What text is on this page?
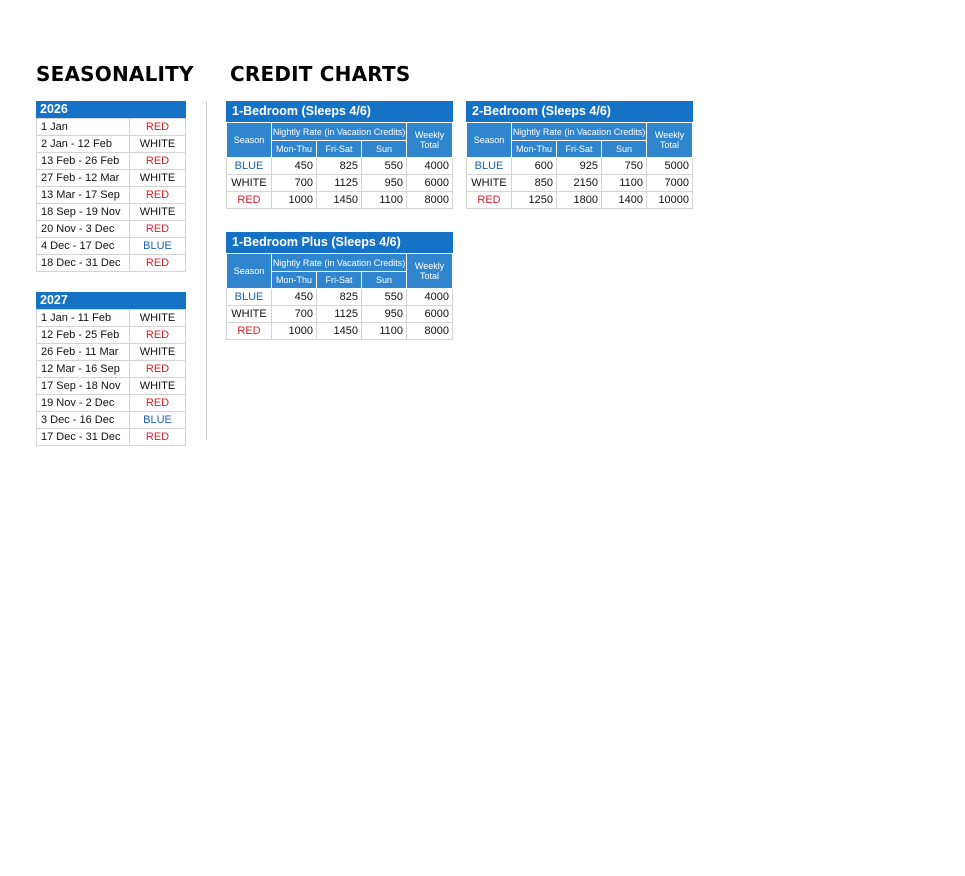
SEASONALITY CREDIT CHARTS
2026
1 Jan	RED
2 Jan - 12 Feb	WHITE
13 Feb - 26 Feb	RED
27 Feb - 12 Mar	WHITE
13 Mar - 17 Sep	RED
18 Sep - 19 Nov	WHITE
20 Nov - 3 Dec	RED
4 Dec - 17 Dec	BLUE
18 Dec - 31 Dec	RED
2027
1 Jan - 11 Feb	WHITE
12 Feb - 25 Feb	RED
26 Feb - 11 Mar	WHITE
12 Mar - 16 Sep	RED
17 Sep - 18 Nov	WHITE
19 Nov - 2 Dec	RED
3 Dec - 16 Dec	BLUE
17 Dec - 31 Dec	RED
1-Bedroom (Sleeps 4/6)
Season	Nightly Rate (in Vacation Credits)			Weekly Total
	Mon-Thu	Fri-Sat	Sun	
BLUE	450	825	550	4000
WHITE	700	1125	950	6000
RED	1000	1450	1100	8000
2-Bedroom (Sleeps 4/6)
Season	Nightly Rate (in Vacation Credits)			Weekly Total
	Mon-Thu	Fri-Sat	Sun	
BLUE	600	925	750	5000
WHITE	850	2150	1100	7000
RED	1250	1800	1400	10000
1-Bedroom Plus (Sleeps 4/6)
Season	Nightly Rate (in Vacation Credits)			Weekly Total
	Mon-Thu	Fri-Sat	Sun	
BLUE	450	825	550	4000
WHITE	700	1125	950	6000
RED	1000	1450	1100	8000
